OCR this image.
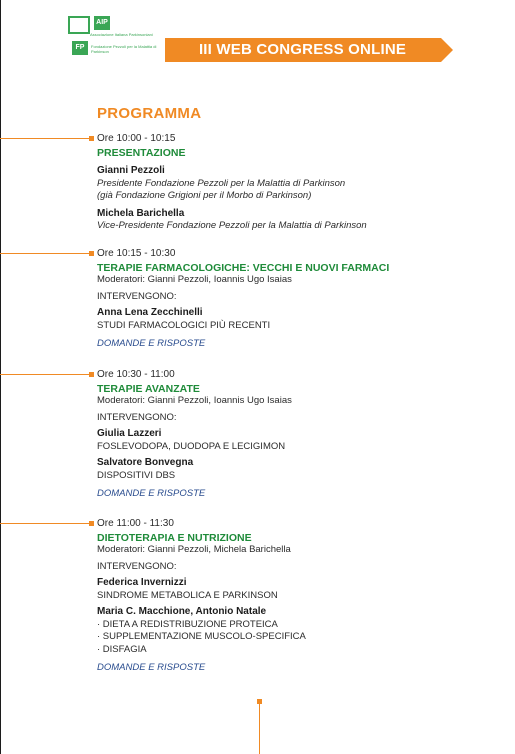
AIP
Associazione Italiana Parkinsoniani
FP	Fondazione Pezzoli per la Malattia di Parkinson	III WEB CONGRESS ONLINE
PROGRAMMA
Ore 10:00 - 10:15
PRESENTAZIONE
Gianni Pezzoli
Presidente Fondazione Pezzoli per la Malattia di Parkinson
(già Fondazione Grigioni per il Morbo di Parkinson)
Michela Barichella
Vice-Presidente Fondazione Pezzoli per la Malattia di Parkinson
Ore 10:15 - 10:30
TERAPIE FARMACOLOGICHE: VECCHI E NUOVI FARMACI
Moderatori: Gianni Pezzoli, Ioannis Ugo Isaias
INTERVENGONO:
Anna Lena Zecchinelli
STUDI FARMACOLOGICI PIÙ RECENTI
DOMANDE E RISPOSTE
Ore 10:30 - 11:00
TERAPIE AVANZATE
Moderatori: Gianni Pezzoli, Ioannis Ugo Isaias
INTERVENGONO:
Giulia Lazzeri
FOSLEVODOPA, DUODOPA E LECIGIMON
Salvatore Bonvegna
DISPOSITIVI DBS
DOMANDE E RISPOSTE
Ore 11:00 - 11:30
DIETOTERAPIA E NUTRIZIONE
Moderatori: Gianni Pezzoli, Michela Barichella
INTERVENGONO:
Federica Invernizzi
SINDROME METABOLICA E PARKINSON
Maria C. Macchione, Antonio Natale
· DIETA A REDISTRIBUZIONE PROTEICA
· SUPPLEMENTAZIONE MUSCOLO-SPECIFICA
· DISFAGIA
DOMANDE E RISPOSTE
